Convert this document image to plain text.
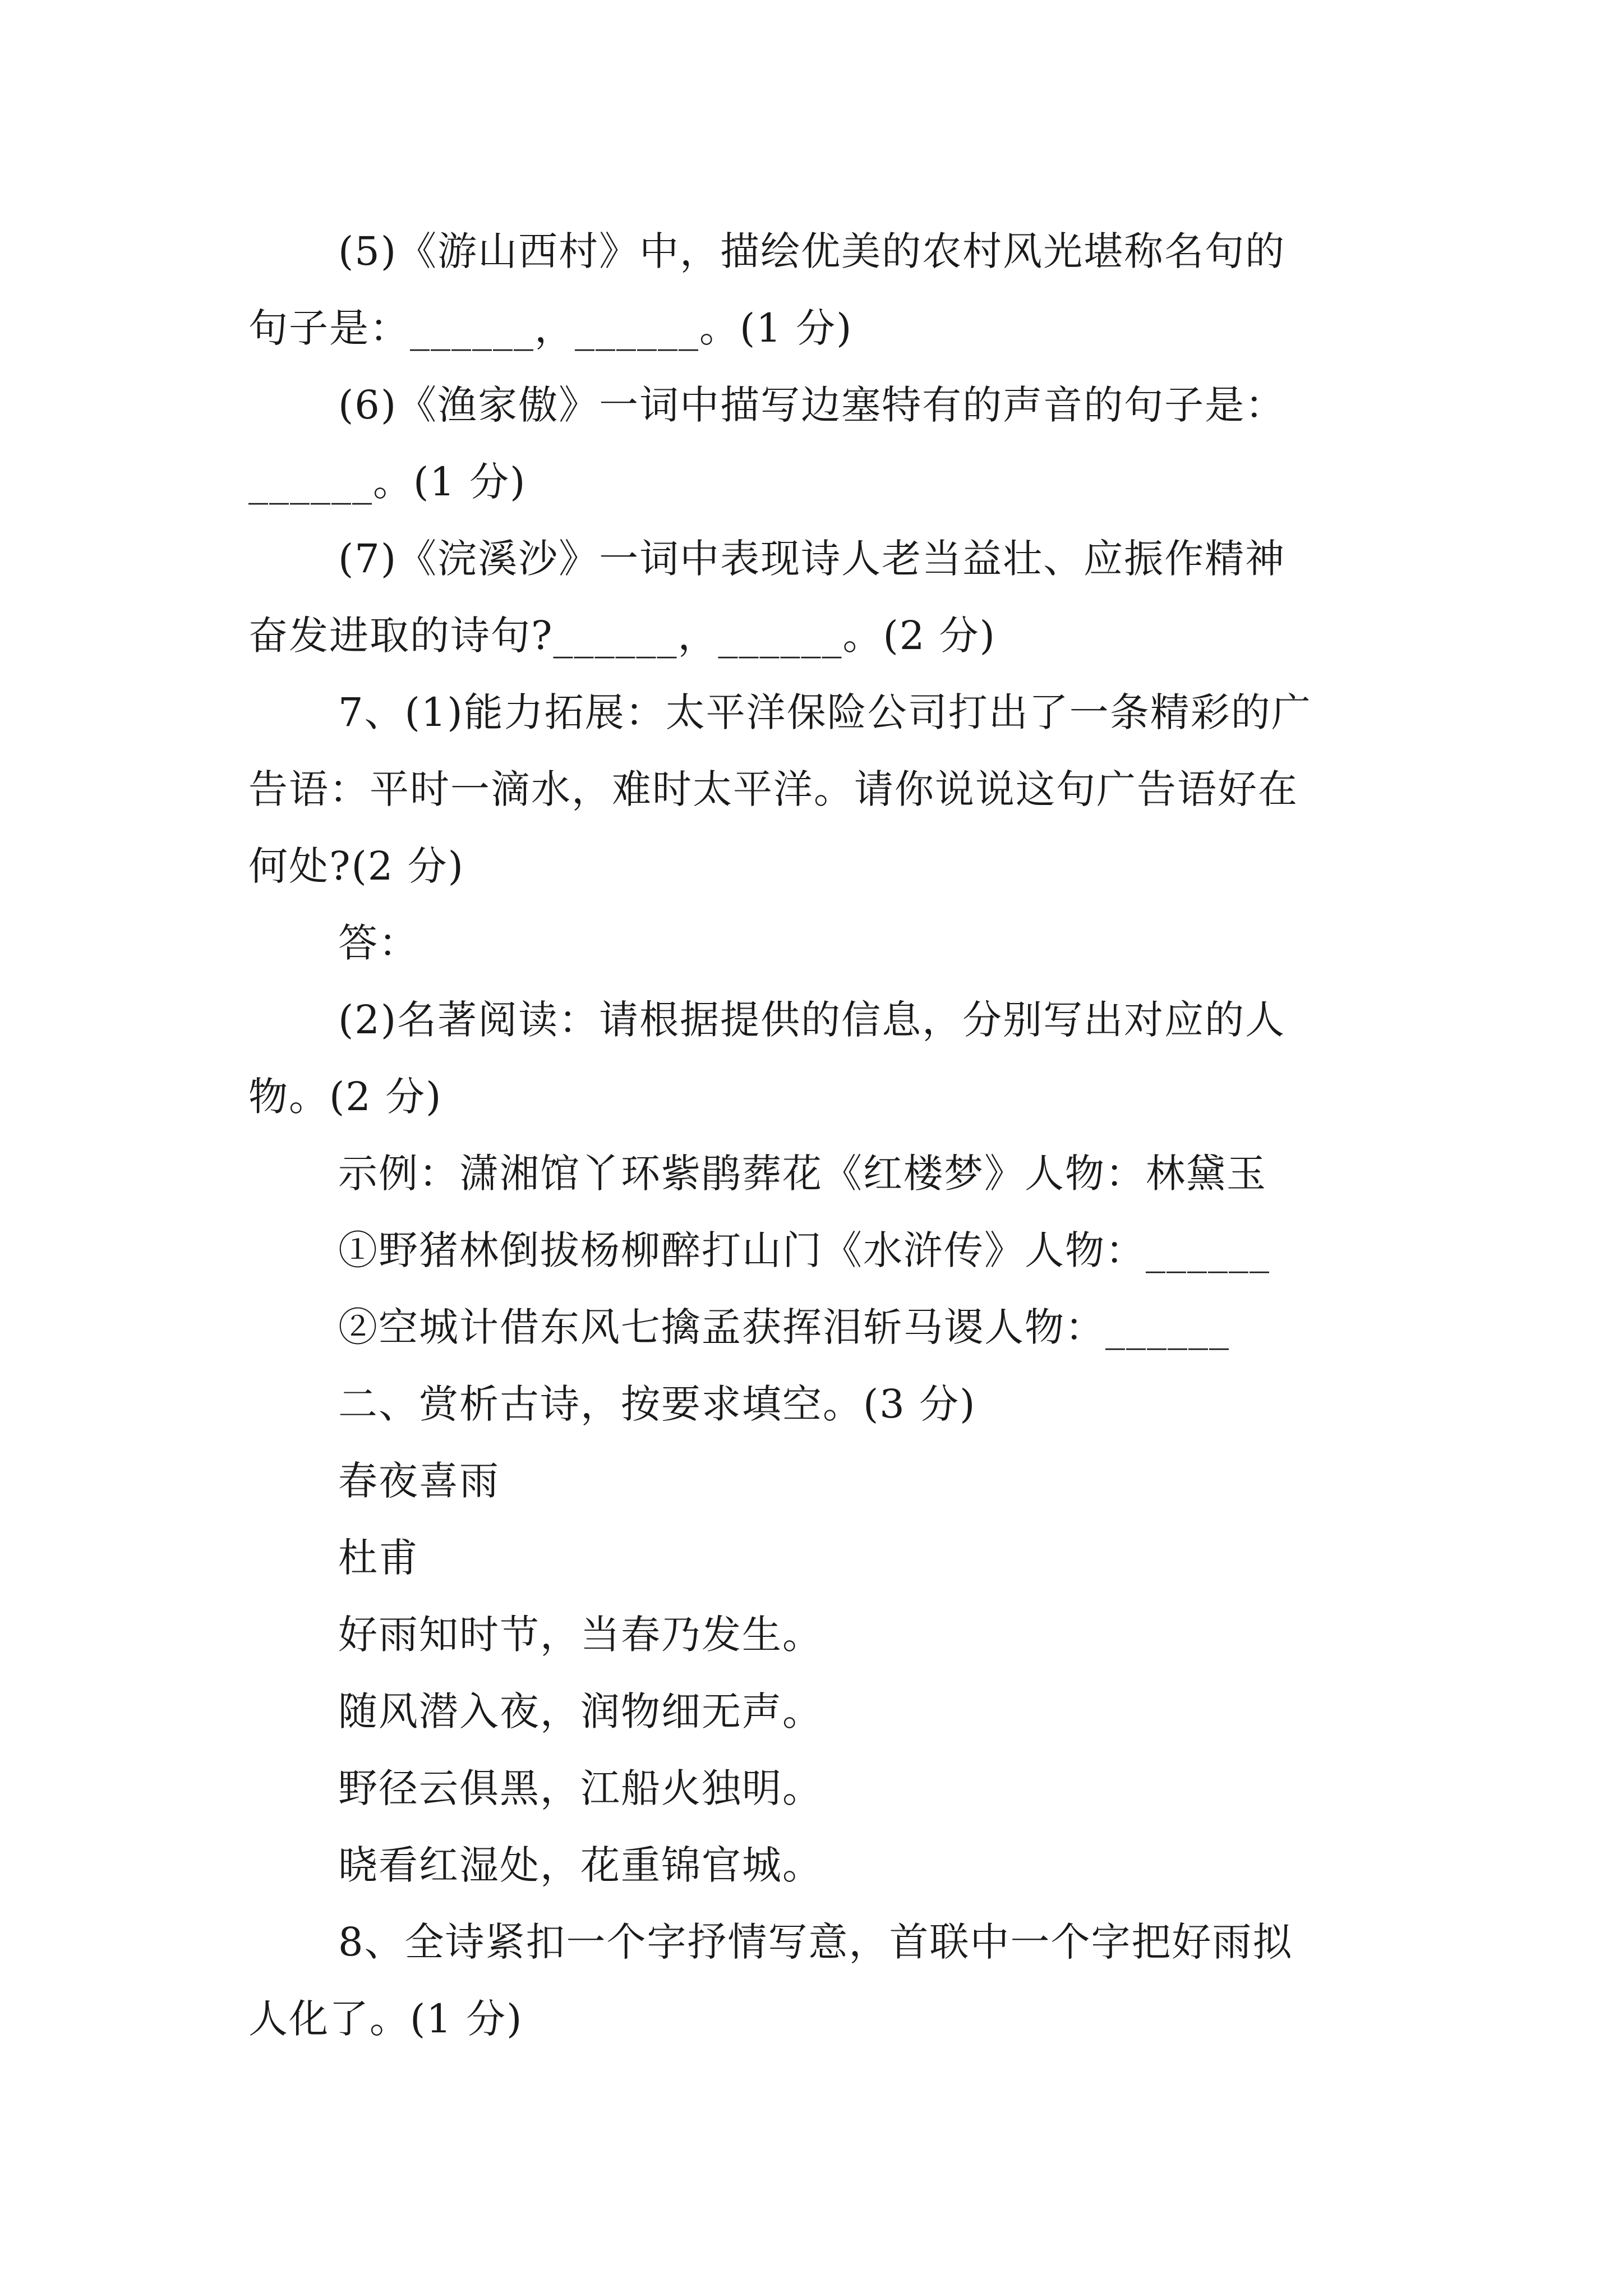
(5)《游山西村》中，描绘优美的农村风光堪称名句的
句子是：______，______。(1 分)
(6)《渔家傲》一词中描写边塞特有的声音的句子是：
______。(1 分)
(7)《浣溪沙》一词中表现诗人老当益壮、应振作精神
奋发进取的诗句?______，______。(2 分)
7、(1)能力拓展：太平洋保险公司打出了一条精彩的广
告语：平时一滴水，难时太平洋。请你说说这句广告语好在
何处?(2 分)
答：
(2)名著阅读：请根据提供的信息，分别写出对应的人
物。(2 分)
示例：潇湘馆丫环紫鹃葬花《红楼梦》人物：林黛玉
①野猪林倒拔杨柳醉打山门《水浒传》人物：______
②空城计借东风七擒孟获挥泪斩马谡人物：______
二、赏析古诗，按要求填空。(3 分)
春夜喜雨
杜甫
好雨知时节，当春乃发生。
随风潜入夜，润物细无声。
野径云俱黑，江船火独明。
晓看红湿处，花重锦官城。
8、全诗紧扣一个字抒情写意，首联中一个字把好雨拟
人化了。(1 分)
